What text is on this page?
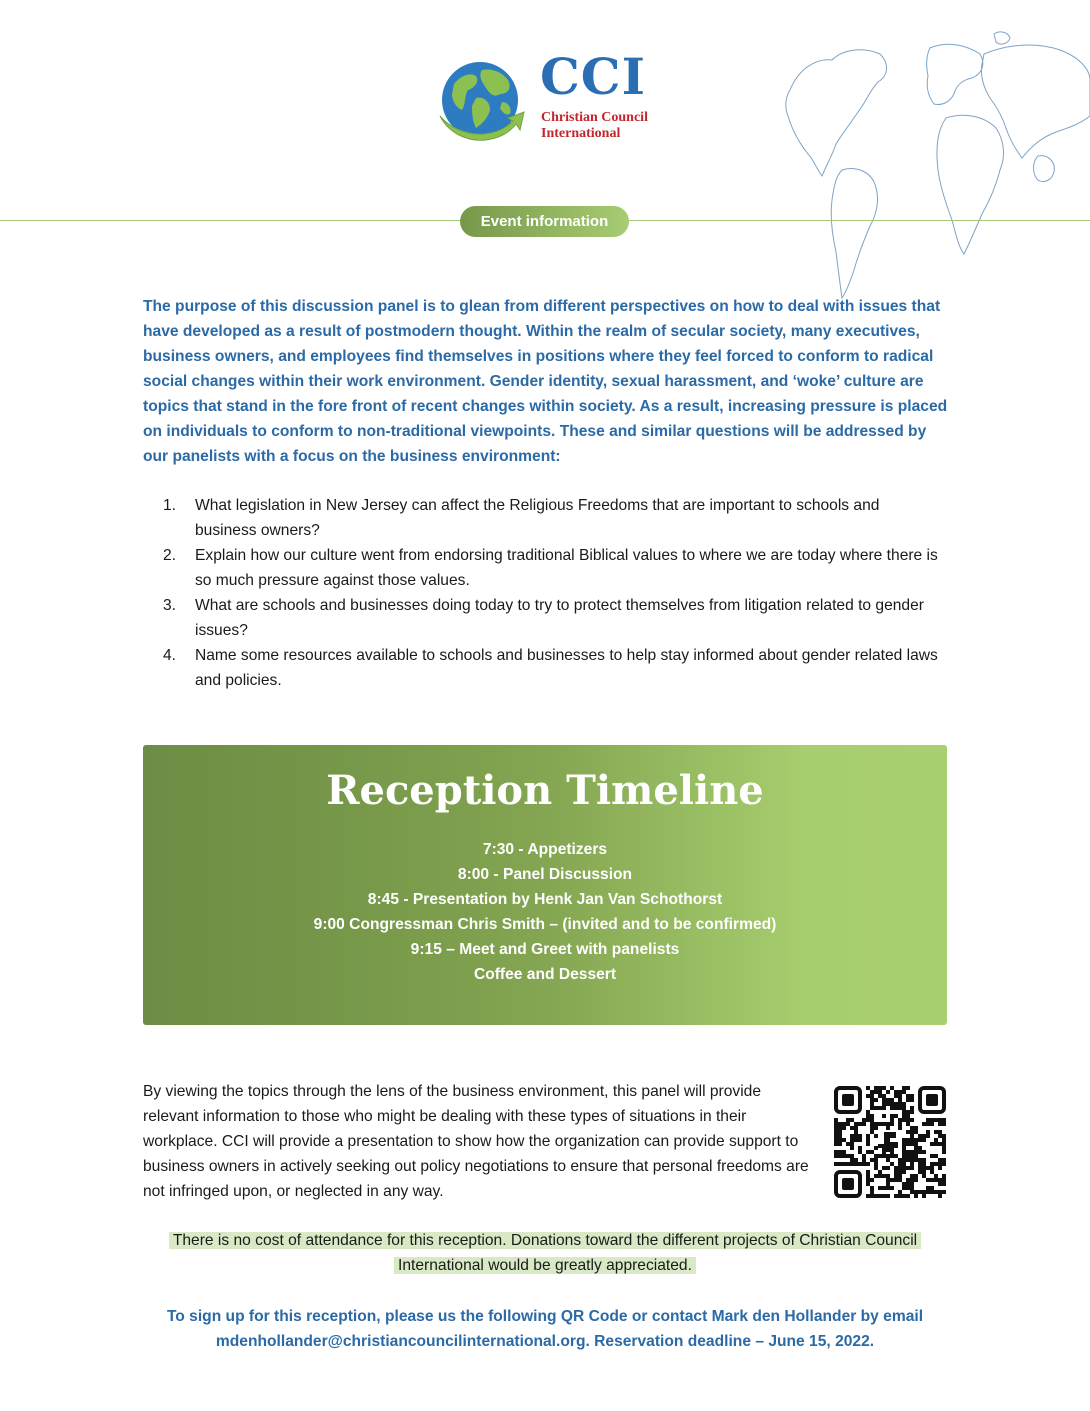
CCI
Christian Council
International
Event information

The purpose of this discussion panel is to glean from different perspectives on how to deal with issues that have developed as a result of postmodern thought. Within the realm of secular society, many executives, business owners, and employees find themselves in positions where they feel forced to conform to radical social changes within their work environment. Gender identity, sexual harassment, and ‘woke’ culture are topics that stand in the fore front of recent changes within society. As a result, increasing pressure is placed on individuals to conform to non-traditional viewpoints. These and similar questions will be addressed by our panelists with a focus on the business environment:

1. What legislation in New Jersey can affect the Religious Freedoms that are important to schools and business owners?
2. Explain how our culture went from endorsing traditional Biblical values to where we are today where there is so much pressure against those values.
3. What are schools and businesses doing today to try to protect themselves from litigation related to gender issues?
4. Name some resources available to schools and businesses to help stay informed about gender related laws and policies.
Reception Timeline
7:30 - Appetizers
8:00 - Panel Discussion
8:45 - Presentation by Henk Jan Van Schothorst
9:00 Congressman Chris Smith – (invited and to be confirmed)
9:15 – Meet and Greet with panelists
Coffee and Dessert

By viewing the topics through the lens of the business environment, this panel will provide relevant information to those who might be dealing with these types of situations in their workplace. CCI will provide a presentation to show how the organization can provide support to business owners in actively seeking out policy negotiations to ensure that personal freedoms are not infringed upon, or neglected in any way.

There is no cost of attendance for this reception. Donations toward the different projects of Christian Council International would be greatly appreciated.

To sign up for this reception, please us the following QR Code or contact Mark den Hollander by email mdenhollander@christiancouncilinternational.org. Reservation deadline – June 15, 2022.
